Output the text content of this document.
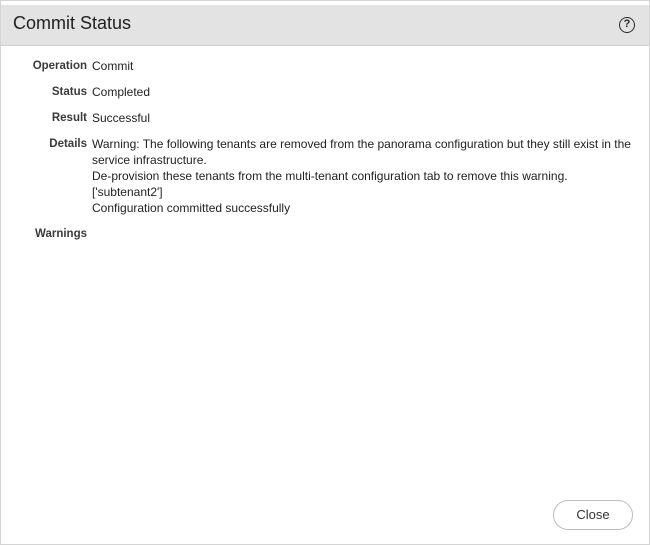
Commit Status	?
Operation Commit
Status Completed
Result Successful
Details Warning: The following tenants are removed from the panorama configuration but they still exist in the service infrastructure.
De-provision these tenants from the multi-tenant configuration tab to remove this warning.
['subtenant2']
Configuration committed successfully
Warnings
Close
